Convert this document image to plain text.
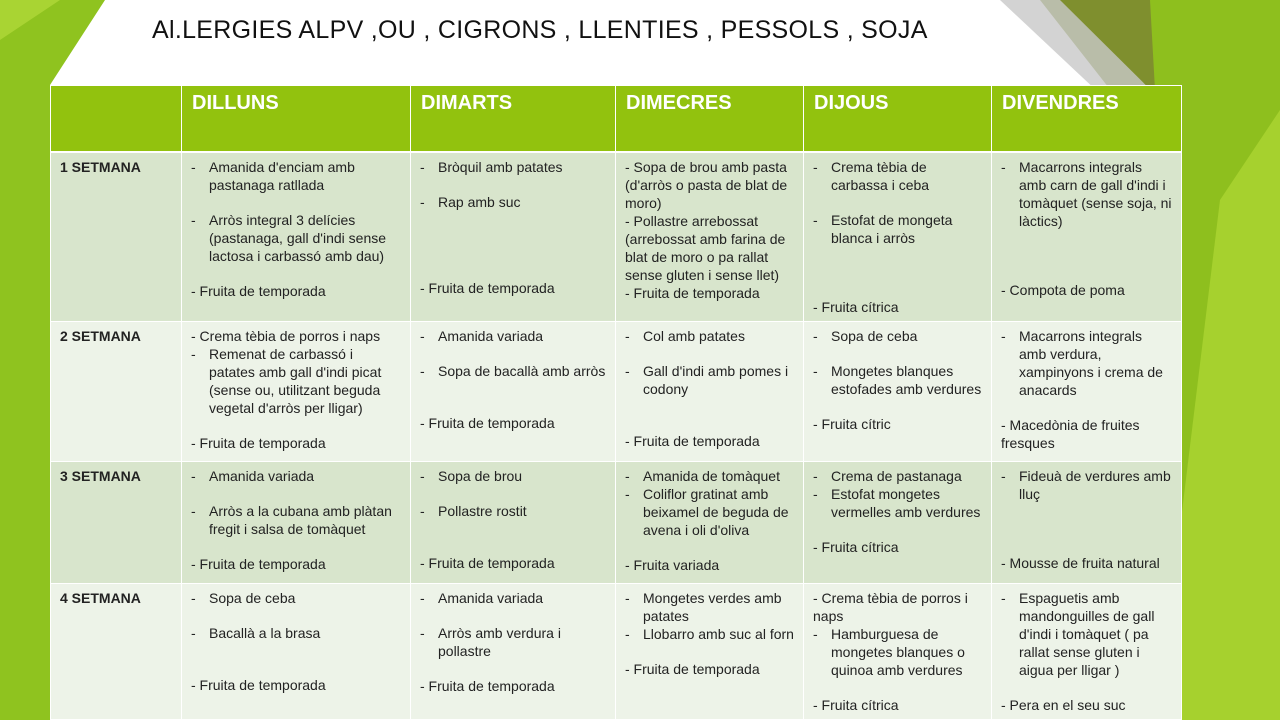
Al.LERGIES ALPV ,OU , CIGRONS , LLENTIES , PESSOLS , SOJA
	DILLUNS	DIMARTS	DIMECRES	DIJOUS	DIVENDRES
1 SETMANA	- Amanida d'enciam amb pastanaga ratllada
- Arròs integral 3 delícies (pastanaga, gall d'indi sense lactosa i carbassó amb dau)
- Fruita de temporada	- Bròquil amb patates
- Rap amb suc
- Fruita de temporada	- Sopa de brou amb pasta (d'arròs o pasta de blat de moro)
- Pollastre arrebossat (arrebossat amb farina de blat de moro o pa rallat sense gluten i sense llet)
- Fruita de temporada	- Crema tèbia de carbassa i ceba
- Estofat de mongeta blanca i arròs
- Fruita cítrica	- Macarrons integrals amb carn de gall d'indi i tomàquet (sense soja, ni làctics)
- Compota de poma

2 SETMANA	- Crema tèbia de porros i naps
- Remenat de carbassó i patates amb gall d'indi picat (sense ou, utilitzant beguda vegetal d'arròs per lligar)
- Fruita de temporada	- Amanida variada
- Sopa de bacallà amb arròs
- Fruita de temporada	- Col amb patates
- Gall d'indi amb pomes i codony
- Fruita de temporada	- Sopa de ceba
- Mongetes blanques estofades amb verdures
- Fruita cítric	- Macarrons integrals amb verdura, xampinyons i crema de anacards
- Macedònia de fruites fresques

3 SETMANA	- Amanida variada
- Arròs a la cubana amb plàtan fregit i salsa de tomàquet
- Fruita de temporada	- Sopa de brou
- Pollastre rostit
- Fruita de temporada	- Amanida de tomàquet
- Coliflor gratinat amb beixamel de beguda de avena i oli d'oliva
- Fruita variada	- Crema de pastanaga
- Estofat mongetes vermelles amb verdures
- Fruita cítrica	- Fideuà de verdures amb lluç
- Mousse de fruita natural

4 SETMANA	- Sopa de ceba
- Bacallà a la brasa
- Fruita de temporada	- Amanida variada
- Arròs amb verdura i pollastre
- Fruita de temporada	- Mongetes verdes amb patates
- Llobarro amb suc al forn
- Fruita de temporada	- Crema tèbia de porros i naps
- Hamburguesa de mongetes blanques o quinoa amb verdures
- Fruita cítrica	- Espaguetis amb mandonguilles de gall d'indi i tomàquet ( pa rallat sense gluten i aigua per lligar )
- Pera en el seu suc
